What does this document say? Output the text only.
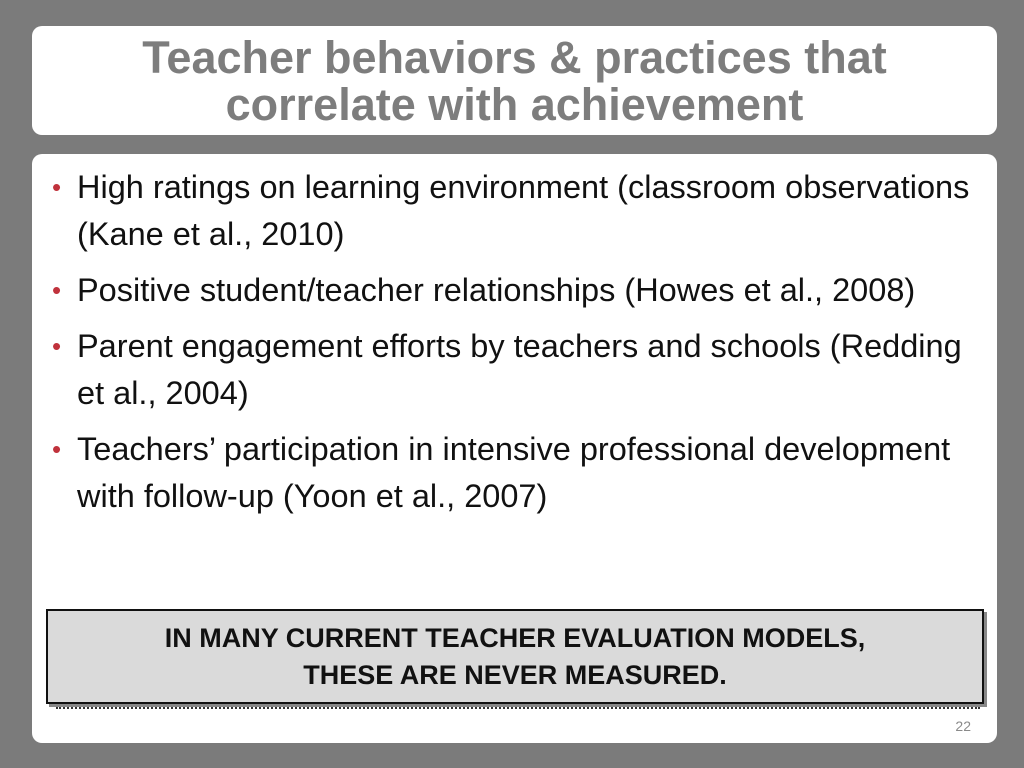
Teacher behaviors & practices that
correlate with achievement
• High ratings on learning environment (classroom observations (Kane et al., 2010)
• Positive student/teacher relationships (Howes et al., 2008)
• Parent engagement efforts by teachers and schools (Redding et al., 2004)
• Teachers’ participation in intensive professional development with follow-up (Yoon et al., 2007)

IN MANY CURRENT TEACHER EVALUATION MODELS,
THESE ARE NEVER MEASURED.

22
